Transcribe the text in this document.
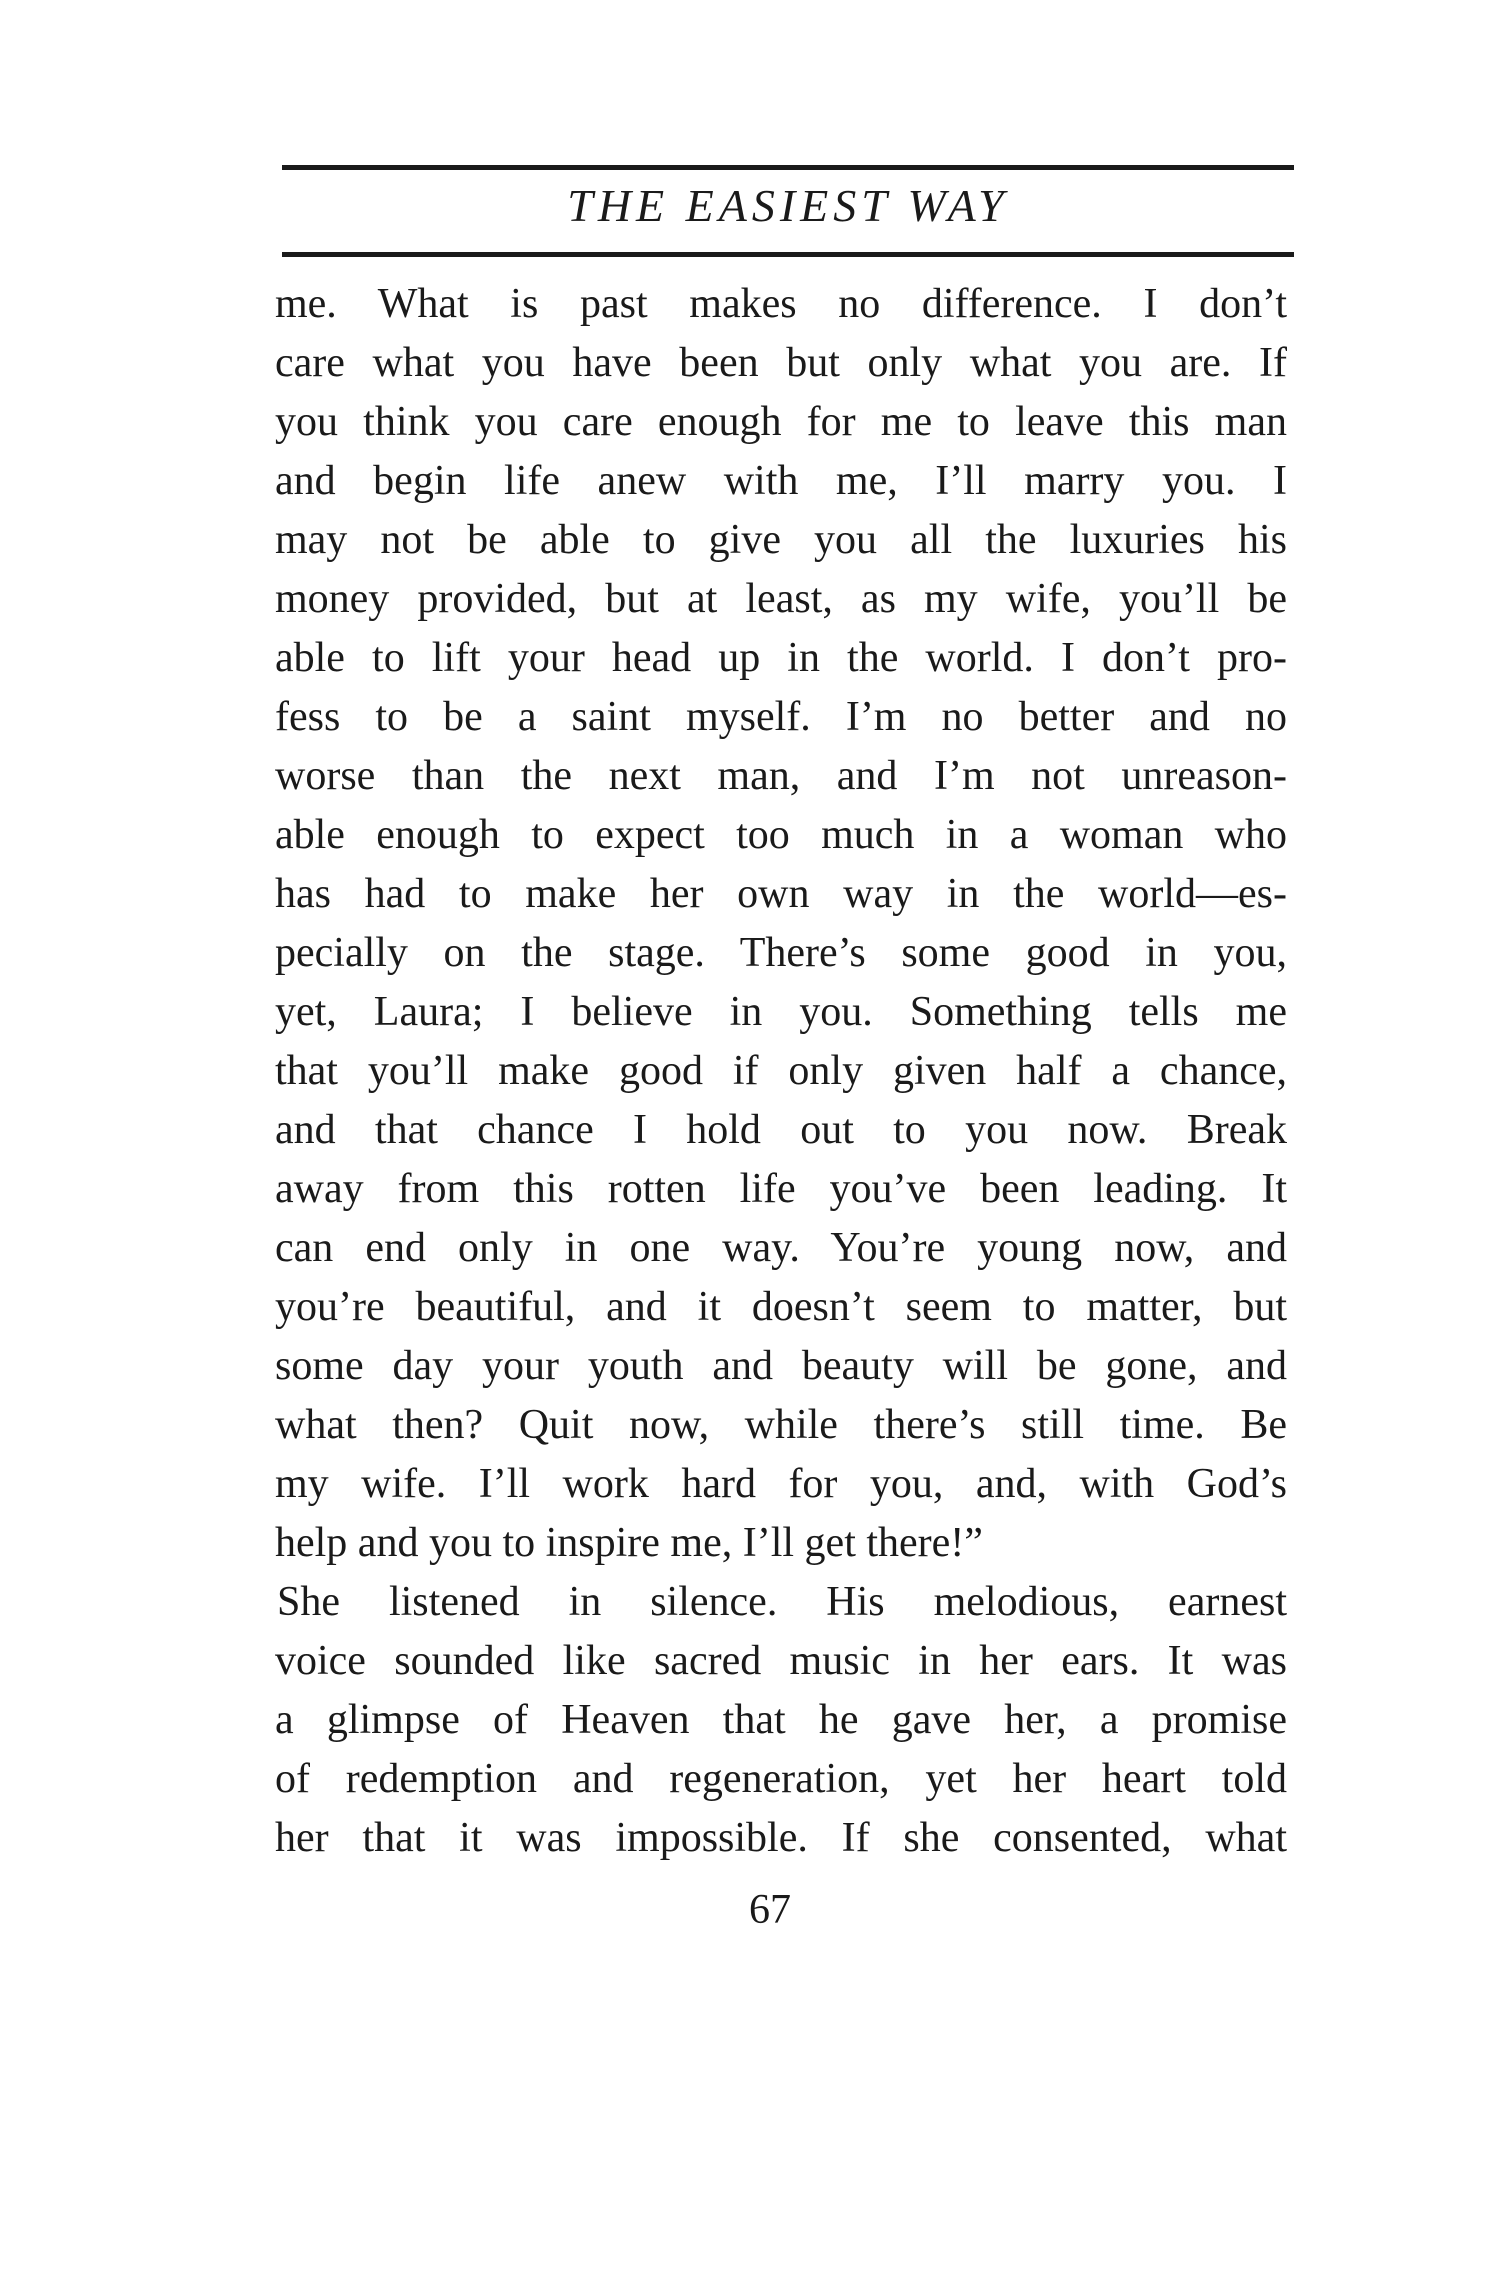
THE EASIEST WAY
me. What is past makes no difference. I don’t
care what you have been but only what you are. If
you think you care enough for me to leave this man
and begin life anew with me, I’ll marry you. I
may not be able to give you all the luxuries his
money provided, but at least, as my wife, you’ll be
able to lift your head up in the world. I don’t pro-
fess to be a saint myself. I’m no better and no
worse than the next man, and I’m not unreason-
able enough to expect too much in a woman who
has had to make her own way in the world—es-
pecially on the stage. There’s some good in you,
yet, Laura; I believe in you. Something tells me
that you’ll make good if only given half a chance,
and that chance I hold out to you now. Break
away from this rotten life you’ve been leading. It
can end only in one way. You’re young now, and
you’re beautiful, and it doesn’t seem to matter, but
some day your youth and beauty will be gone, and
what then? Quit now, while there’s still time. Be
my wife. I’ll work hard for you, and, with God’s
help and you to inspire me, I’ll get there!”
She listened in silence. His melodious, earnest
voice sounded like sacred music in her ears. It was
a glimpse of Heaven that he gave her, a promise
of redemption and regeneration, yet her heart told
her that it was impossible. If she consented, what
67
